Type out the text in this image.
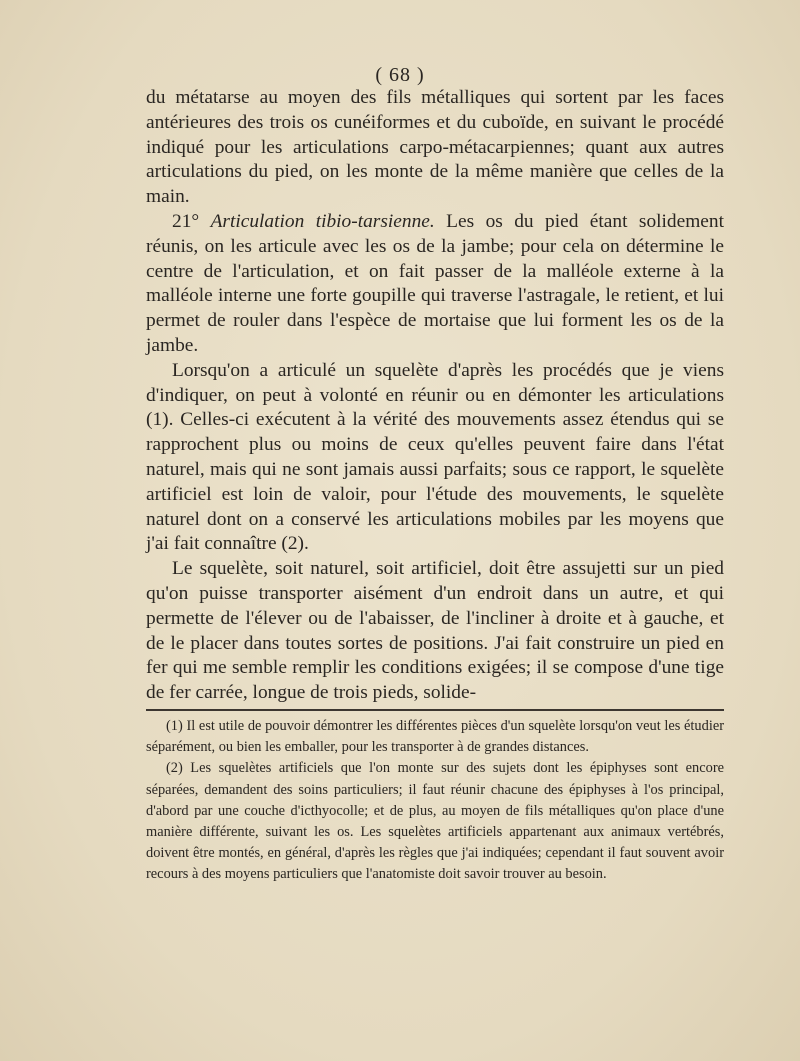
( 68 )

du métatarse au moyen des fils métalliques qui sortent par les faces antérieures des trois os cunéiformes et du cuboïde, en suivant le procédé indiqué pour les articulations carpo-métacarpiennes; quant aux autres articulations du pied, on les monte de la même manière que celles de la main.

21° Articulation tibio-tarsienne. Les os du pied étant solidement réunis, on les articule avec les os de la jambe; pour cela on détermine le centre de l'articulation, et on fait passer de la malléole externe à la malléole interne une forte goupille qui traverse l'astragale, le retient, et lui permet de rouler dans l'espèce de mortaise que lui forment les os de la jambe.

Lorsqu'on a articulé un squelète d'après les procédés que je viens d'indiquer, on peut à volonté en réunir ou en démonter les articulations (1). Celles-ci exécutent à la vérité des mouvements assez étendus qui se rapprochent plus ou moins de ceux qu'elles peuvent faire dans l'état naturel, mais qui ne sont jamais aussi parfaits; sous ce rapport, le squelète artificiel est loin de valoir, pour l'étude des mouvements, le squelète naturel dont on a conservé les articulations mobiles par les moyens que j'ai fait connaître (2).

Le squelète, soit naturel, soit artificiel, doit être assujetti sur un pied qu'on puisse transporter aisément d'un endroit dans un autre, et qui permette de l'élever ou de l'abaisser, de l'incliner à droite et à gauche, et de le placer dans toutes sortes de positions. J'ai fait construire un pied en fer qui me semble remplir les conditions exigées; il se compose d'une tige de fer carrée, longue de trois pieds, solide-

(1) Il est utile de pouvoir démontrer les différentes pièces d'un squelète lorsqu'on veut les étudier séparément, ou bien les emballer, pour les transporter à de grandes distances.

(2) Les squelètes artificiels que l'on monte sur des sujets dont les épiphyses sont encore séparées, demandent des soins particuliers; il faut réunir chacune des épiphyses à l'os principal, d'abord par une couche d'icthyocolle; et de plus, au moyen de fils métalliques qu'on place d'une manière différente, suivant les os. Les squelètes artificiels appartenant aux animaux vertébrés, doivent être montés, en général, d'après les règles que j'ai indiquées; cependant il faut souvent avoir recours à des moyens particuliers que l'anatomiste doit savoir trouver au besoin.
